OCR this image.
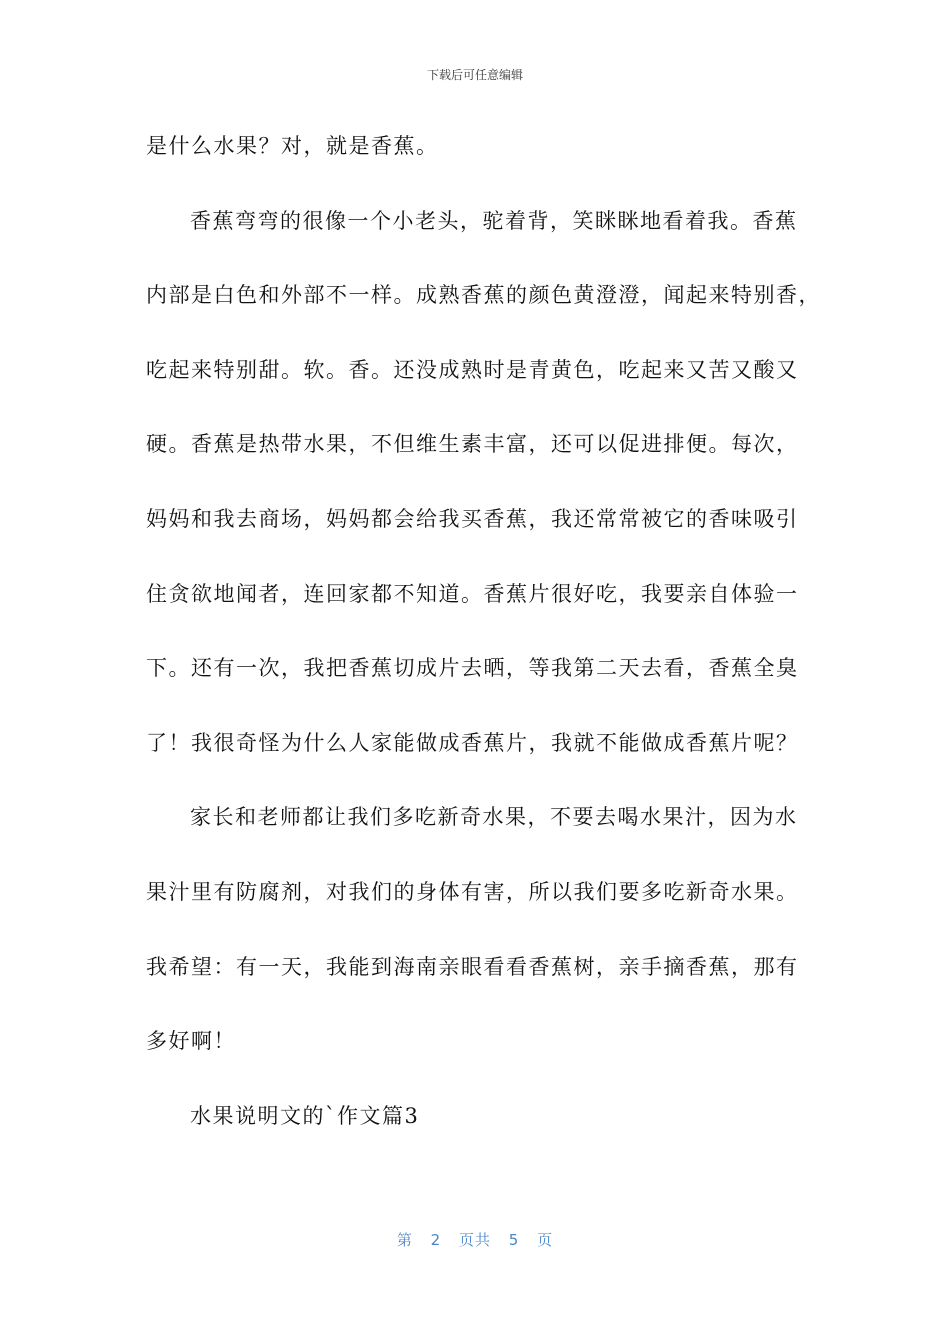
下载后可任意编辑
是什么水果？对，就是香蕉。
香蕉弯弯的很像一个小老头，驼着背，笑眯眯地看着我。香蕉
内部是白色和外部不一样。成熟香蕉的颜色黄澄澄，闻起来特别香，
吃起来特别甜。软。香。还没成熟时是青黄色，吃起来又苦又酸又
硬。香蕉是热带水果，不但维生素丰富，还可以促进排便。每次，
妈妈和我去商场，妈妈都会给我买香蕉，我还常常被它的香味吸引
住贪欲地闻者，连回家都不知道。香蕉片很好吃，我要亲自体验一
下。还有一次，我把香蕉切成片去晒，等我第二天去看，香蕉全臭
了！我很奇怪为什么人家能做成香蕉片，我就不能做成香蕉片呢？
家长和老师都让我们多吃新奇水果，不要去喝水果汁，因为水
果汁里有防腐剂，对我们的身体有害，所以我们要多吃新奇水果。
我希望：有一天，我能到海南亲眼看看香蕉树，亲手摘香蕉，那有
多好啊！
水果说明文的`作文篇3
第 2 页共 5 页
